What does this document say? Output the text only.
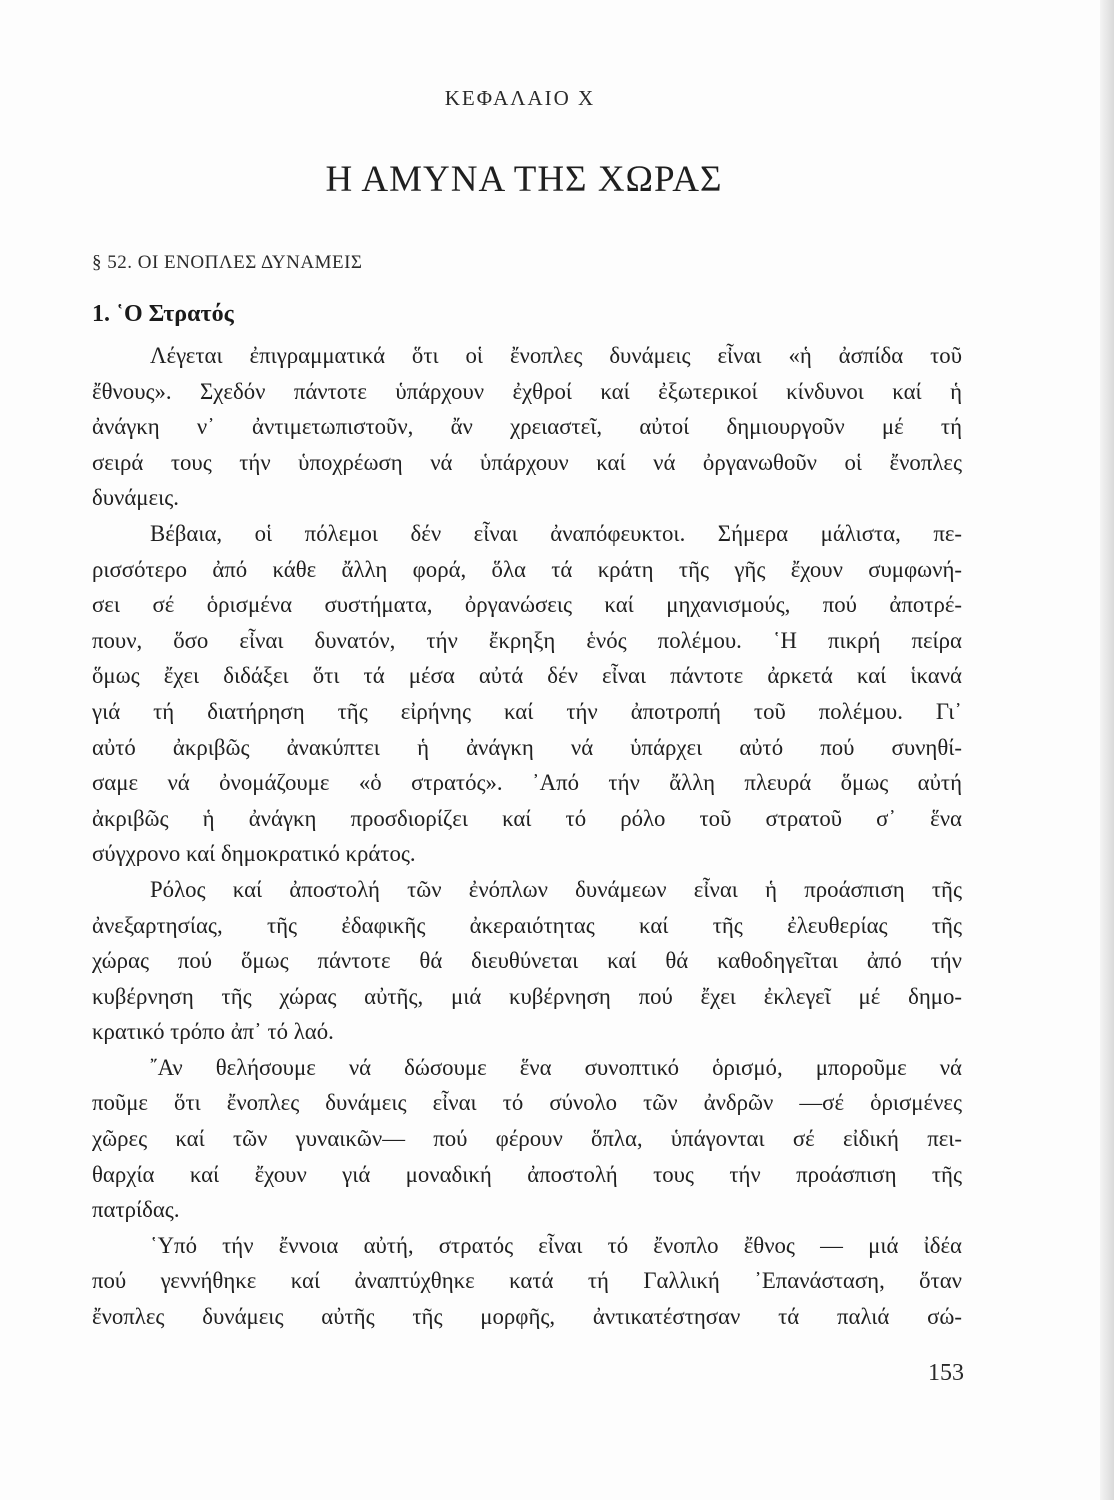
ΚΕΦΑΛΑΙΟ Χ
Η ΑΜΥΝΑ ΤΗΣ ΧΩΡΑΣ
§ 52. ΟΙ ΕΝΟΠΛΕΣ ΔΥΝΑΜΕΙΣ
1. ῾Ο Στρατός
Λέγεται ἐπιγραμματικά ὅτι οἱ ἔνοπλες δυνάμεις εἶναι «ἡ ἀσπίδα τοῦ
ἔθνους». Σχεδόν πάντοτε ὑπάρχουν ἐχθροί καί ἐξωτερικοί κίνδυνοι καί ἡ
ἀνάγκη ν᾿ ἀντιμετωπιστοῦν, ἄν χρειαστεῖ, αὐτοί δημιουργοῦν μέ τή
σειρά τους τήν ὑποχρέωση νά ὑπάρχουν καί νά ὀργανωθοῦν οἱ ἔνοπλες
δυνάμεις.
Βέβαια, οἱ πόλεμοι δέν εἶναι ἀναπόφευκτοι. Σήμερα μάλιστα, πε-
ρισσότερο ἀπό κάθε ἄλλη φορά, ὅλα τά κράτη τῆς γῆς ἔχουν συμφωνή-
σει σέ ὁρισμένα συστήματα, ὀργανώσεις καί μηχανισμούς, πού ἀποτρέ-
πουν, ὅσο εἶναι δυνατόν, τήν ἔκρηξη ἑνός πολέμου. ῾Η πικρή πείρα
ὅμως ἔχει διδάξει ὅτι τά μέσα αὐτά δέν εἶναι πάντοτε ἀρκετά καί ἱκανά
γιά τή διατήρηση τῆς εἰρήνης καί τήν ἀποτροπή τοῦ πολέμου. Γι᾿
αὐτό ἀκριβῶς ἀνακύπτει ἡ ἀνάγκη νά ὑπάρχει αὐτό πού συνηθί-
σαμε νά ὀνομάζουμε «ὁ στρατός». ᾿Από τήν ἄλλη πλευρά ὅμως αὐτή
ἀκριβῶς ἡ ἀνάγκη προσδιορίζει καί τό ρόλο τοῦ στρατοῦ σ᾿ ἕνα
σύγχρονο καί δημοκρατικό κράτος.
Ρόλος καί ἀποστολή τῶν ἐνόπλων δυνάμεων εἶναι ἡ προάσπιση τῆς
ἀνεξαρτησίας, τῆς ἐδαφικῆς ἀκεραιότητας καί τῆς ἐλευθερίας τῆς
χώρας πού ὅμως πάντοτε θά διευθύνεται καί θά καθοδηγεῖται ἀπό τήν
κυβέρνηση τῆς χώρας αὐτῆς, μιά κυβέρνηση πού ἔχει ἐκλεγεῖ μέ δημο-
κρατικό τρόπο ἀπ᾿ τό λαό.
῎Αν θελήσουμε νά δώσουμε ἕνα συνοπτικό ὁρισμό, μποροῦμε νά
ποῦμε ὅτι ἔνοπλες δυνάμεις εἶναι τό σύνολο τῶν ἀνδρῶν —σέ ὁρισμένες
χῶρες καί τῶν γυναικῶν— πού φέρουν ὅπλα, ὑπάγονται σέ εἰδική πει-
θαρχία καί ἔχουν γιά μοναδική ἀποστολή τους τήν προάσπιση τῆς
πατρίδας.
῾Υπό τήν ἔννοια αὐτή, στρατός εἶναι τό ἔνοπλο ἔθνος — μιά ἰδέα
πού γεννήθηκε καί ἀναπτύχθηκε κατά τή Γαλλική ᾿Επανάσταση, ὅταν
ἔνοπλες δυνάμεις αὐτῆς τῆς μορφῆς, ἀντικατέστησαν τά παλιά σώ-
153
